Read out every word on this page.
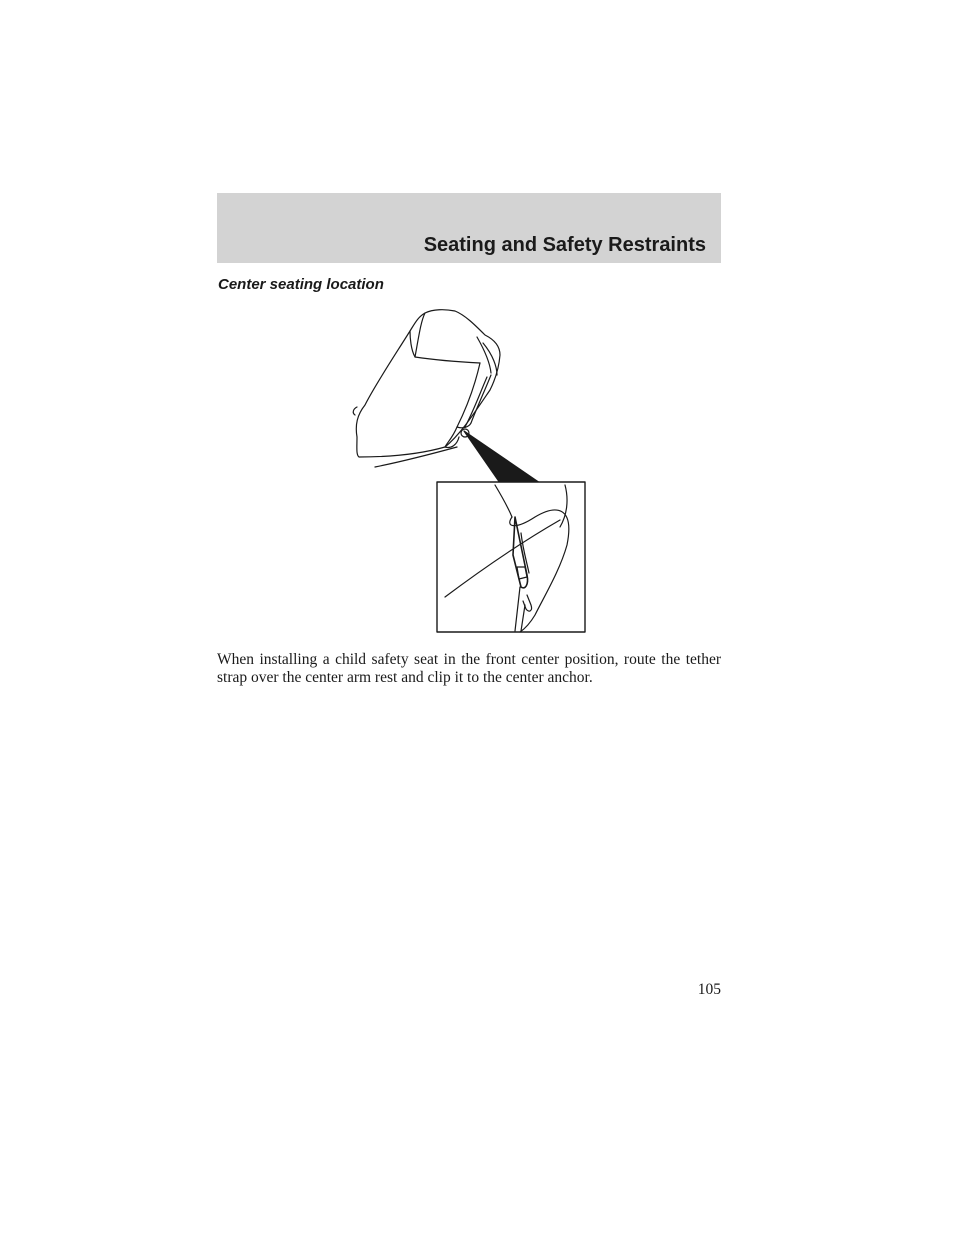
Seating and Safety Restraints
Center seating location

When installing a child safety seat in the front center position, route the tether strap over the center arm rest and clip it to the center anchor.

105
